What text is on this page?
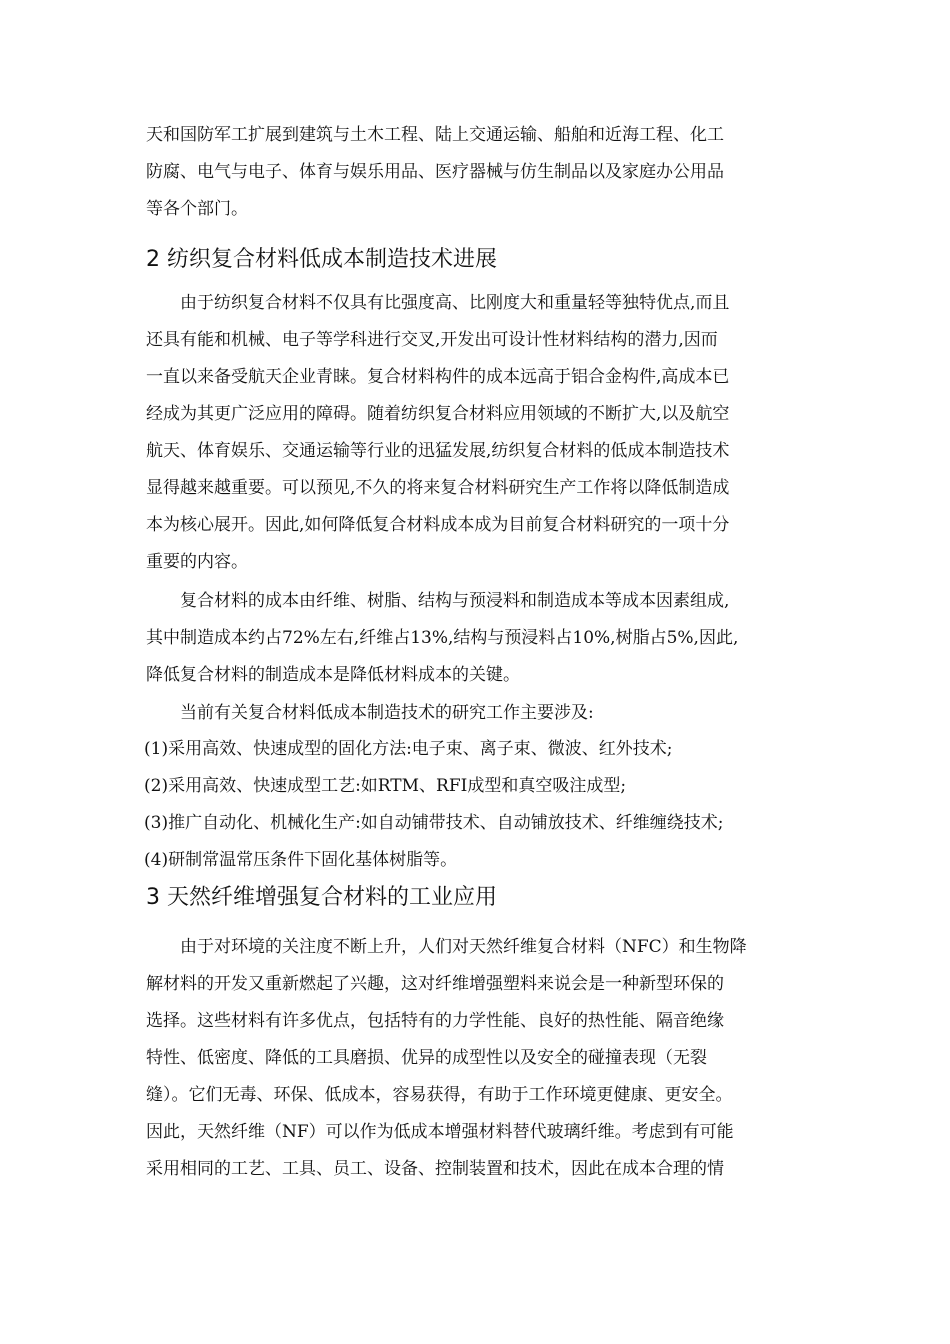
天和国防军工扩展到建筑与土木工程、陆上交通运输、船舶和近海工程、化工
防腐、电气与电子、体育与娱乐用品、医疗器械与仿生制品以及家庭办公用品
等各个部门。
2 纺织复合材料低成本制造技术进展
由于纺织复合材料不仅具有比强度高、比刚度大和重量轻等独特优点,而且
还具有能和机械、电子等学科进行交叉,开发出可设计性材料结构的潜力,因而
一直以来备受航天企业青睐。复合材料构件的成本远高于铝合金构件,高成本已
经成为其更广泛应用的障碍。随着纺织复合材料应用领域的不断扩大,以及航空
航天、体育娱乐、交通运输等行业的迅猛发展,纺织复合材料的低成本制造技术
显得越来越重要。可以预见,不久的将来复合材料研究生产工作将以降低制造成
本为核心展开。因此,如何降低复合材料成本成为目前复合材料研究的一项十分
重要的内容。
复合材料的成本由纤维、树脂、结构与预浸料和制造成本等成本因素组成,
其中制造成本约占72%左右,纤维占13%,结构与预浸料占10%,树脂占5%,因此,
降低复合材料的制造成本是降低材料成本的关键。
当前有关复合材料低成本制造技术的研究工作主要涉及:
(1)采用高效、快速成型的固化方法:电子束、离子束、微波、红外技术;
(2)采用高效、快速成型工艺:如RTM、RFI成型和真空吸注成型;
(3)推广自动化、机械化生产:如自动铺带技术、自动铺放技术、纤维缠绕技术;
(4)研制常温常压条件下固化基体树脂等。
3 天然纤维增强复合材料的工业应用
由于对环境的关注度不断上升，人们对天然纤维复合材料（NFC）和生物降
解材料的开发又重新燃起了兴趣，这对纤维增强塑料来说会是一种新型环保的
选择。这些材料有许多优点，包括特有的力学性能、良好的热性能、隔音绝缘
特性、低密度、降低的工具磨损、优异的成型性以及安全的碰撞表现（无裂
缝）。它们无毒、环保、低成本，容易获得，有助于工作环境更健康、更安全。
因此，天然纤维（NF）可以作为低成本增强材料替代玻璃纤维。考虑到有可能
采用相同的工艺、工具、员工、设备、控制装置和技术，因此在成本合理的情
